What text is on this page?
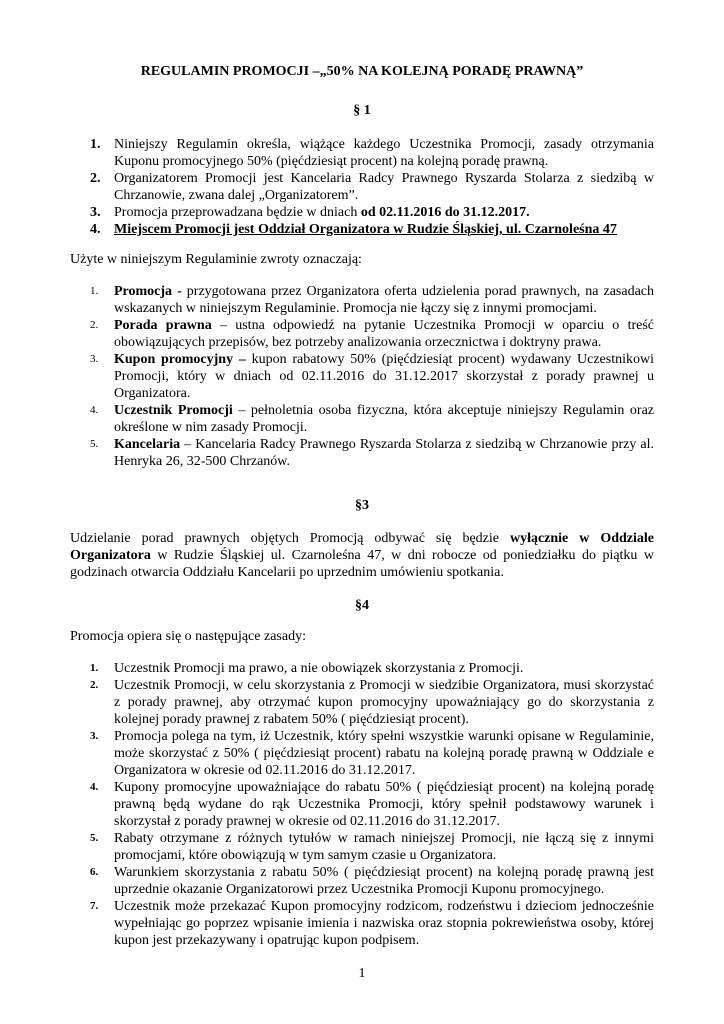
REGULAMIN PROMOCJI –„50% NA KOLEJNĄ PORADĘ PRAWNĄ”
§ 1
1. Niniejszy Regulamin określa, wiążące każdego Uczestnika Promocji, zasady otrzymania Kuponu promocyjnego 50% (pięćdziesiąt procent) na kolejną poradę prawną.
2. Organizatorem Promocji jest Kancelaria Radcy Prawnego Ryszarda Stolarza z siedzibą w Chrzanowie, zwana dalej „Organizatorem”.
3. Promocja przeprowadzana będzie w dniach od 02.11.2016 do 31.12.2017.
4. Miejscem Promocji jest Oddział Organizatora w Rudzie Śląskiej, ul. Czarnoleśna 47

Użyte w niniejszym Regulaminie zwroty oznaczają:

1. Promocja - przygotowana przez Organizatora oferta udzielenia porad prawnych, na zasadach wskazanych w niniejszym Regulaminie. Promocja nie łączy się z innymi promocjami.
2. Porada prawna – ustna odpowiedź na pytanie Uczestnika Promocji w oparciu o treść obowiązujących przepisów, bez potrzeby analizowania orzecznictwa i doktryny prawa.
3. Kupon promocyjny – kupon rabatowy 50% (pięćdziesiąt procent) wydawany Uczestnikowi Promocji, który w dniach od 02.11.2016 do 31.12.2017 skorzystał z porady prawnej u Organizatora.
4. Uczestnik Promocji – pełnoletnia osoba fizyczna, która akceptuje niniejszy Regulamin oraz określone w nim zasady Promocji.
5. Kancelaria – Kancelaria Radcy Prawnego Ryszarda Stolarza z siedzibą w Chrzanowie przy al. Henryka 26, 32-500 Chrzanów.
§3

Udzielanie porad prawnych objętych Promocją odbywać się będzie wyłącznie w Oddziale Organizatora w Rudzie Śląskiej ul. Czarnoleśna 47, w dni robocze od poniedziałku do piątku w godzinach otwarcia Oddziału Kancelarii po uprzednim umówieniu spotkania.

§4

Promocja opiera się o następujące zasady:

1. Uczestnik Promocji ma prawo, a nie obowiązek skorzystania z Promocji.
2. Uczestnik Promocji, w celu skorzystania z Promocji w siedzibie Organizatora, musi skorzystać z porady prawnej, aby otrzymać kupon promocyjny upoważniający go do skorzystania z kolejnej porady prawnej z rabatem 50% ( pięćdziesiąt procent).
3. Promocja polega na tym, iż Uczestnik, który spełni wszystkie warunki opisane w Regulaminie, może skorzystać z 50% ( pięćdziesiąt procent) rabatu na kolejną poradę prawną w Oddziale e Organizatora w okresie od 02.11.2016 do 31.12.2017.
4. Kupony promocyjne upoważniające do rabatu 50% ( pięćdziesiąt procent) na kolejną poradę prawną będą wydane do rąk Uczestnika Promocji, który spełnił podstawowy warunek i skorzystał z porady prawnej w okresie od 02.11.2016 do 31.12.2017.
5. Rabaty otrzymane z różnych tytułów w ramach niniejszej Promocji, nie łączą się z innymi promocjami, które obowiązują w tym samym czasie u Organizatora.
6. Warunkiem skorzystania z rabatu 50% ( pięćdziesiąt procent) na kolejną poradę prawną jest uprzednie okazanie Organizatorowi przez Uczestnika Promocji Kuponu promocyjnego.
7. Uczestnik może przekazać Kupon promocyjny rodzicom, rodzeństwu i dzieciom jednocześnie wypełniając go poprzez wpisanie imienia i nazwiska oraz stopnia pokrewieństwa osoby, której kupon jest przekazywany i opatrując kupon podpisem.
1
